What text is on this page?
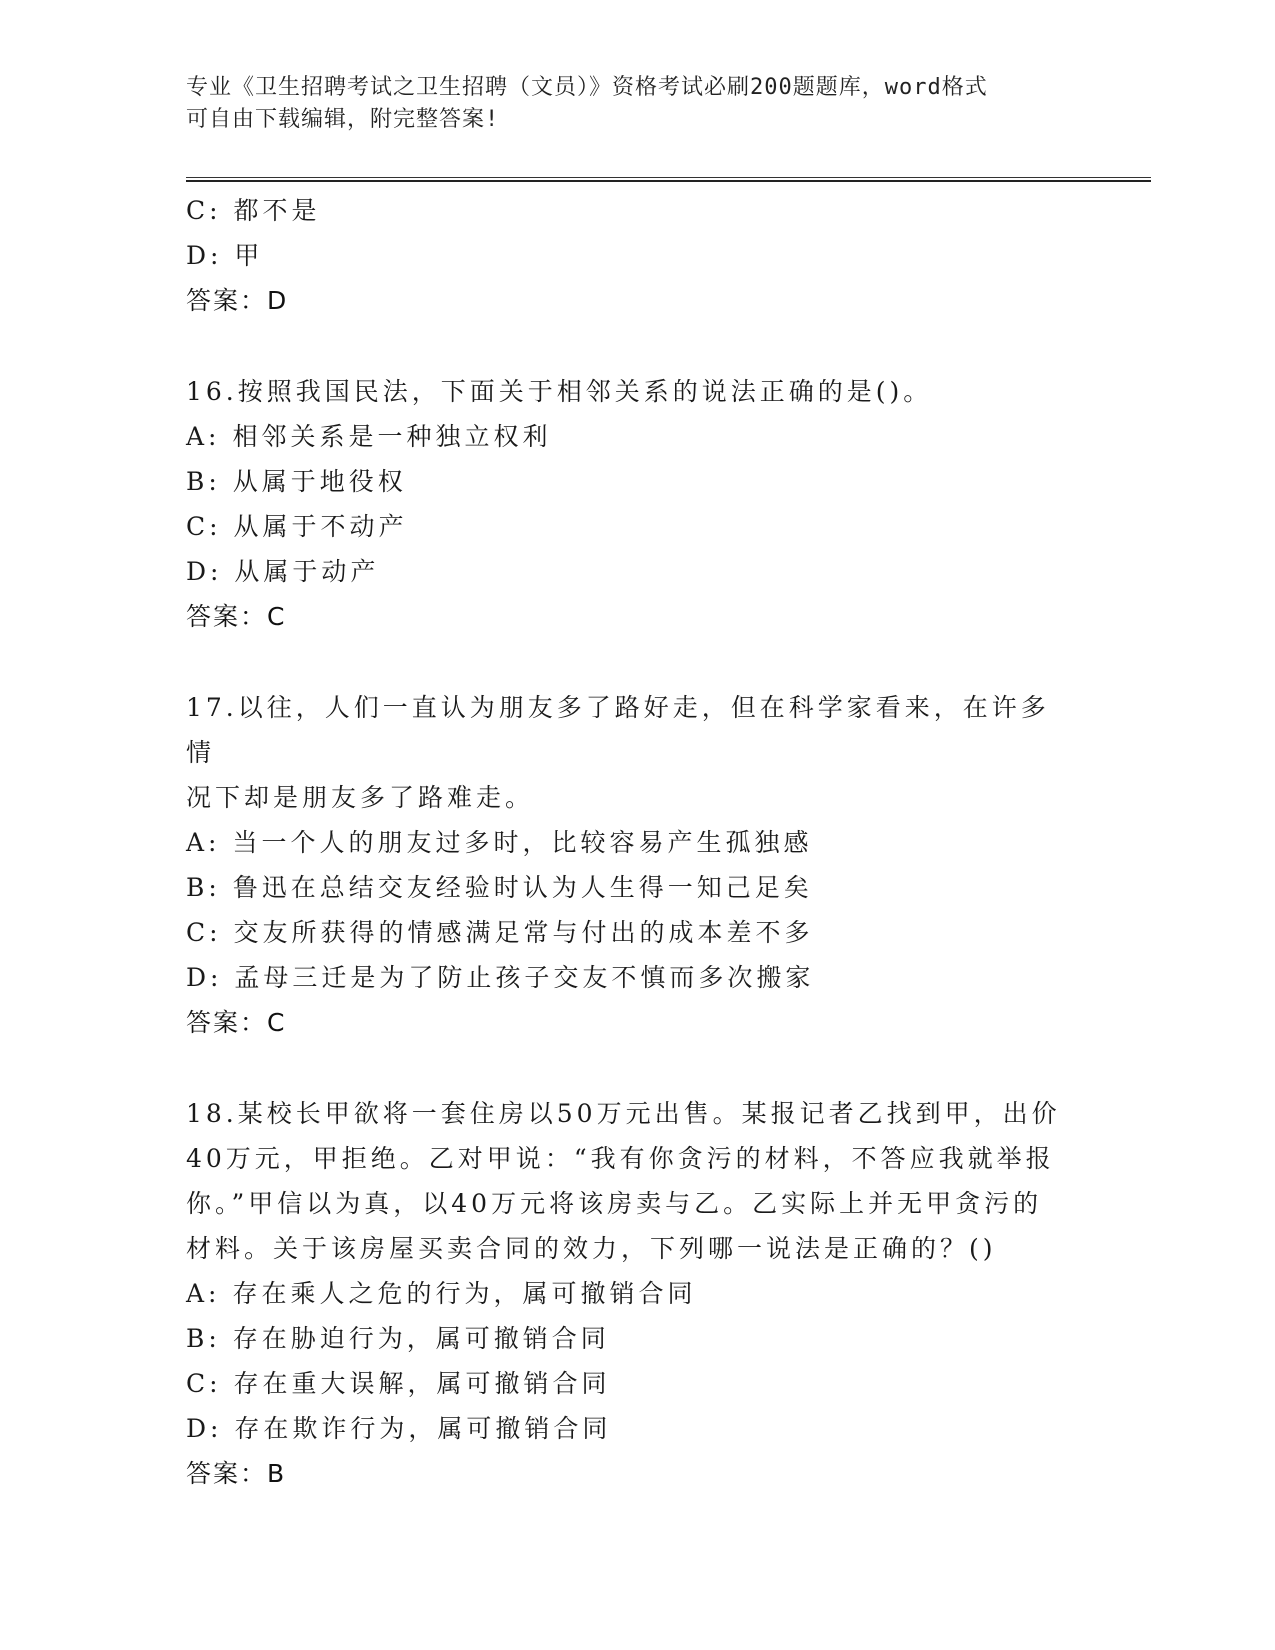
专业《卫生招聘考试之卫生招聘（文员）》资格考试必刷200题题库，word格式
可自由下载编辑，附完整答案!
C: 都不是
D: 甲
答案：D
16.按照我国民法，下面关于相邻关系的说法正确的是()。
A: 相邻关系是一种独立权利
B: 从属于地役权
C: 从属于不动产
D: 从属于动产
答案：C
17.以往，人们一直认为朋友多了路好走，但在科学家看来，在许多情
况下却是朋友多了路难走。
A: 当一个人的朋友过多时，比较容易产生孤独感
B: 鲁迅在总结交友经验时认为人生得一知己足矣
C: 交友所获得的情感满足常与付出的成本差不多
D: 孟母三迁是为了防止孩子交友不慎而多次搬家
答案：C
18.某校长甲欲将一套住房以50万元出售。某报记者乙找到甲，出价
40万元，甲拒绝。乙对甲说：“我有你贪污的材料，不答应我就举报
你。”甲信以为真，以40万元将该房卖与乙。乙实际上并无甲贪污的
材料。关于该房屋买卖合同的效力，下列哪一说法是正确的？()
A: 存在乘人之危的行为，属可撤销合同
B: 存在胁迫行为，属可撤销合同
C: 存在重大误解，属可撤销合同
D: 存在欺诈行为，属可撤销合同
答案：B
